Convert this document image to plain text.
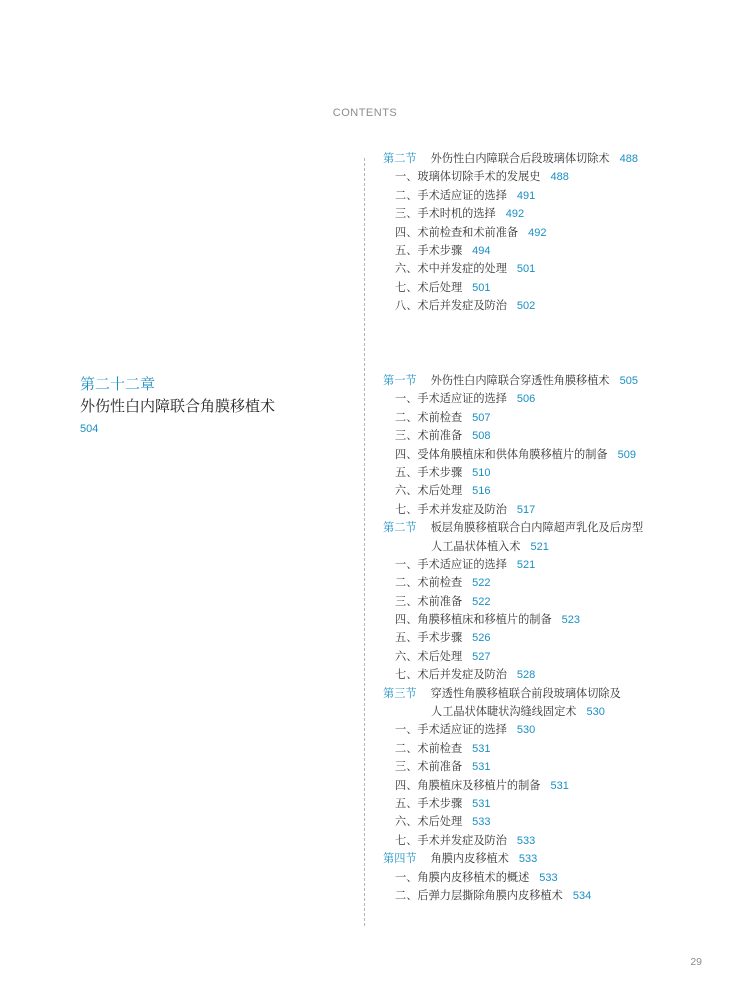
CONTENTS
第二十二章
外伤性白内障联合角膜移植术
504
第二节 外伤性白内障联合后段玻璃体切除术 488
一、玻璃体切除手术的发展史 488
二、手术适应证的选择 491
三、手术时机的选择 492
四、术前检查和术前准备 492
五、手术步骤 494
六、术中并发症的处理 501
七、术后处理 501
八、术后并发症及防治 502
第一节 外伤性白内障联合穿透性角膜移植术 505
一、手术适应证的选择 506
二、术前检查 507
三、术前准备 508
四、受体角膜植床和供体角膜移植片的制备 509
五、手术步骤 510
六、术后处理 516
七、手术并发症及防治 517
第二节 板层角膜移植联合白内障超声乳化及后房型
人工晶状体植入术 521
一、手术适应证的选择 521
二、术前检查 522
三、术前准备 522
四、角膜移植床和移植片的制备 523
五、手术步骤 526
六、术后处理 527
七、术后并发症及防治 528
第三节 穿透性角膜移植联合前段玻璃体切除及
人工晶状体睫状沟缝线固定术 530
一、手术适应证的选择 530
二、术前检查 531
三、术前准备 531
四、角膜植床及移植片的制备 531
五、手术步骤 531
六、术后处理 533
七、手术并发症及防治 533
第四节 角膜内皮移植术 533
一、角膜内皮移植术的概述 533
二、后弹力层撕除角膜内皮移植术 534
29
